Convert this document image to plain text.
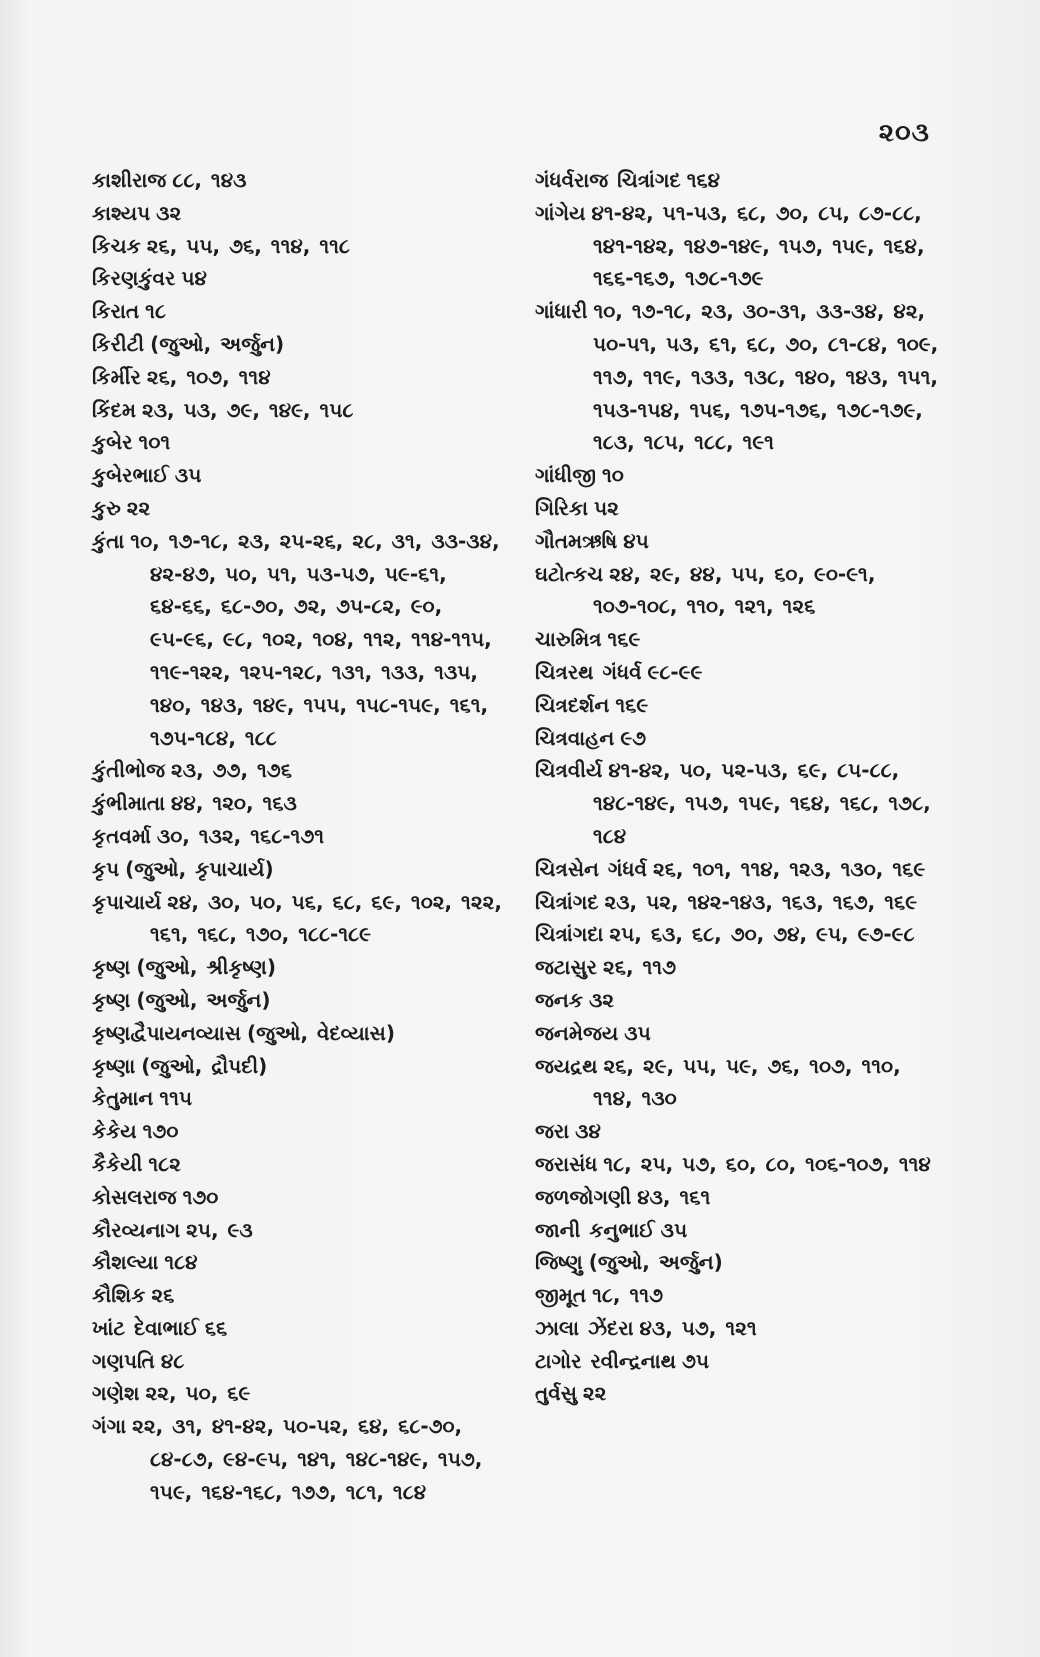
૨૦૩
કાશીરાજ ૮૮, ૧૪૩
કાશ્યપ ૩૨
કિચક ૨૬, ૫૫, ૭૬, ૧૧૪, ૧૧૮
કિરણકુંવર ૫૪
કિરાત ૧૮
કિરીટી (જુઓ, અર્જુન)
કિર્મીર ૨૬, ૧૦૭, ૧૧૪
કિંદમ ૨૩, ૫૩, ૭૯, ૧૪૯, ૧૫૮
કુબેર ૧૦૧
કુબેરભાઈ ૩૫
કુરુ ૨૨
કુંતા ૧૦, ૧૭-૧૮, ૨૩, ૨૫-૨૬, ૨૮, ૩૧, ૩૩-૩૪, ૪૨-૪૭, ૫૦, ૫૧, ૫૩-૫૭, ૫૯-૬૧, ૬૪-૬૬, ૬૮-૭૦, ૭૨, ૭૫-૮૨, ૯૦, ૯૫-૯૬, ૯૮, ૧૦૨, ૧૦૪, ૧૧૨, ૧૧૪-૧૧૫, ૧૧૯-૧૨૨, ૧૨૫-૧૨૮, ૧૩૧, ૧૩૩, ૧૩૫, ૧૪૦, ૧૪૩, ૧૪૯, ૧૫૫, ૧૫૮-૧૫૯, ૧૬૧, ૧૭૫-૧૮૪, ૧૮૮
કુંતીભોજ ૨૩, ૭૭, ૧૭૬
કુંભીમાતા ૪૪, ૧૨૦, ૧૬૩
કૃતવર્મા ૩૦, ૧૩૨, ૧૬૮-૧૭૧
કૃપ (જુઓ, કૃપાચાર્ય)
કૃપાચાર્ય ૨૪, ૩૦, ૫૦, ૫૬, ૬૮, ૬૯, ૧૦૨, ૧૨૨, ૧૬૧, ૧૬૮, ૧૭૦, ૧૮૮-૧૮૯
કૃષ્ણ (જુઓ, શ્રીકૃષ્ણ)
કૃષ્ણ (જુઓ, અર્જુન)
કૃષ્ણદ્વૈપાયનવ્યાસ (જુઓ, વેદવ્યાસ)
કૃષ્ણા (જુઓ, દ્રૌપદી)
કેતુમાન ૧૧૫
કેકેય ૧૭૦
કૈકેયી ૧૮૨
કોસલરાજ ૧૭૦
કૌરવ્યનાગ ૨૫, ૯૩
કૌશલ્યા ૧૮૪
કૌશિક ૨૬
ખાંટ દેવાભાઈ ૬૬
ગણપતિ ૪૮
ગણેશ ૨૨, ૫૦, ૬૯
ગંગા ૨૨, ૩૧, ૪૧-૪૨, ૫૦-૫૨, ૬૪, ૬૮-૭૦, ૮૪-૮૭, ૯૪-૯૫, ૧૪૧, ૧૪૮-૧૪૯, ૧૫૭, ૧૫૯, ૧૬૪-૧૬૮, ૧૭૭, ૧૮૧, ૧૮૪
ગંધર્વરાજ ચિત્રાંગદ ૧૬૪
ગાંગેય ૪૧-૪૨, ૫૧-૫૩, ૬૮, ૭૦, ૮૫, ૮૭-૮૮, ૧૪૧-૧૪૨, ૧૪૭-૧૪૯, ૧૫૭, ૧૫૯, ૧૬૪, ૧૬૬-૧૬૭, ૧૭૮-૧૭૯
ગાંધારી ૧૦, ૧૭-૧૮, ૨૩, ૩૦-૩૧, ૩૩-૩૪, ૪૨, ૫૦-૫૧, ૫૩, ૬૧, ૬૮, ૭૦, ૮૧-૮૪, ૧૦૯, ૧૧૭, ૧૧૯, ૧૩૩, ૧૩૮, ૧૪૦, ૧૪૩, ૧૫૧, ૧૫૩-૧૫૪, ૧૫૬, ૧૭૫-૧૭૬, ૧૭૮-૧૭૯, ૧૮૩, ૧૮૫, ૧૮૮, ૧૯૧
ગાંધીજી ૧૦
ગિરિકા ૫૨
ગૌતમઋષિ ૪૫
ઘટોત્કચ ૨૪, ૨૯, ૪૪, ૫૫, ૬૦, ૯૦-૯૧, ૧૦૭-૧૦૮, ૧૧૦, ૧૨૧, ૧૨૬
ચારુમિત્ર ૧૬૯
ચિત્રરથ ગંધર્વ ૯૮-૯૯
ચિત્રદર્શન ૧૬૯
ચિત્રવાહન ૯૭
ચિત્રવીર્ય ૪૧-૪૨, ૫૦, ૫૨-૫૩, ૬૯, ૮૫-૮૮, ૧૪૮-૧૪૯, ૧૫૭, ૧૫૯, ૧૬૪, ૧૬૮, ૧૭૮, ૧૮૪
ચિત્રસેન ગંધર્વ ૨૬, ૧૦૧, ૧૧૪, ૧૨૩, ૧૩૦, ૧૬૯
ચિત્રાંગદ ૨૩, ૫૨, ૧૪૨-૧૪૩, ૧૬૩, ૧૬૭, ૧૬૯
ચિત્રાંગદા ૨૫, ૬૩, ૬૮, ૭૦, ૭૪, ૯૫, ૯૭-૯૮
જટાસુર ૨૬, ૧૧૭
જનક ૩૨
જનમેજય ૩૫
જયદ્રથ ૨૬, ૨૯, ૫૫, ૫૯, ૭૬, ૧૦૭, ૧૧૦, ૧૧૪, ૧૩૦
જરા ૩૪
જરાસંધ ૧૮, ૨૫, ૫૭, ૬૦, ૮૦, ૧૦૬-૧૦૭, ૧૧૪
જળજોગણી ૪૩, ૧૬૧
જાની કનુભાઈ ૩૫
જિષ્ણુ (જુઓ, અર્જુન)
જીમૂત ૧૮, ૧૧૭
ઝાલા ઝેંદરા ૪૩, ૫૭, ૧૨૧
ટાગોર રવીન્દ્રનાથ ૭૫
તુર્વસુ ૨૨
